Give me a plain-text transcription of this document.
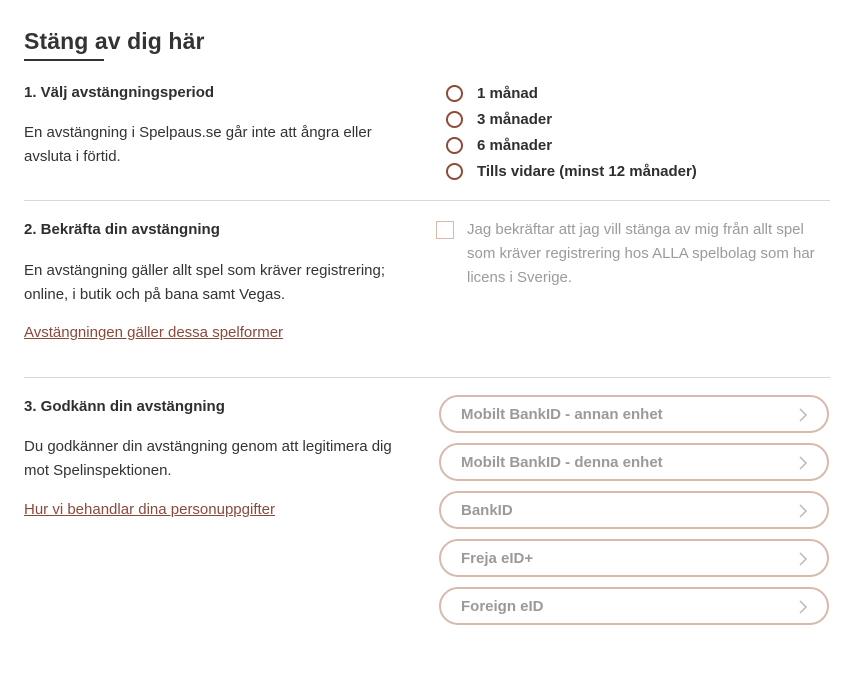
Stäng av dig här
1. Välj avstängningsperiod
En avstängning i Spelpaus.se går inte att ångra eller avsluta i förtid.
1 månad
3 månader
6 månader
Tills vidare (minst 12 månader)
2. Bekräfta din avstängning
En avstängning gäller allt spel som kräver registrering; online, i butik och på bana samt Vegas.
Avstängningen gäller dessa spelformer
Jag bekräftar att jag vill stänga av mig från allt spel som kräver registrering hos ALLA spelbolag som har licens i Sverige.
3. Godkänn din avstängning
Du godkänner din avstängning genom att legitimera dig mot Spelinspektionen.
Hur vi behandlar dina personuppgifter
Mobilt BankID - annan enhet
Mobilt BankID - denna enhet
BankID
Freja eID+
Foreign eID
